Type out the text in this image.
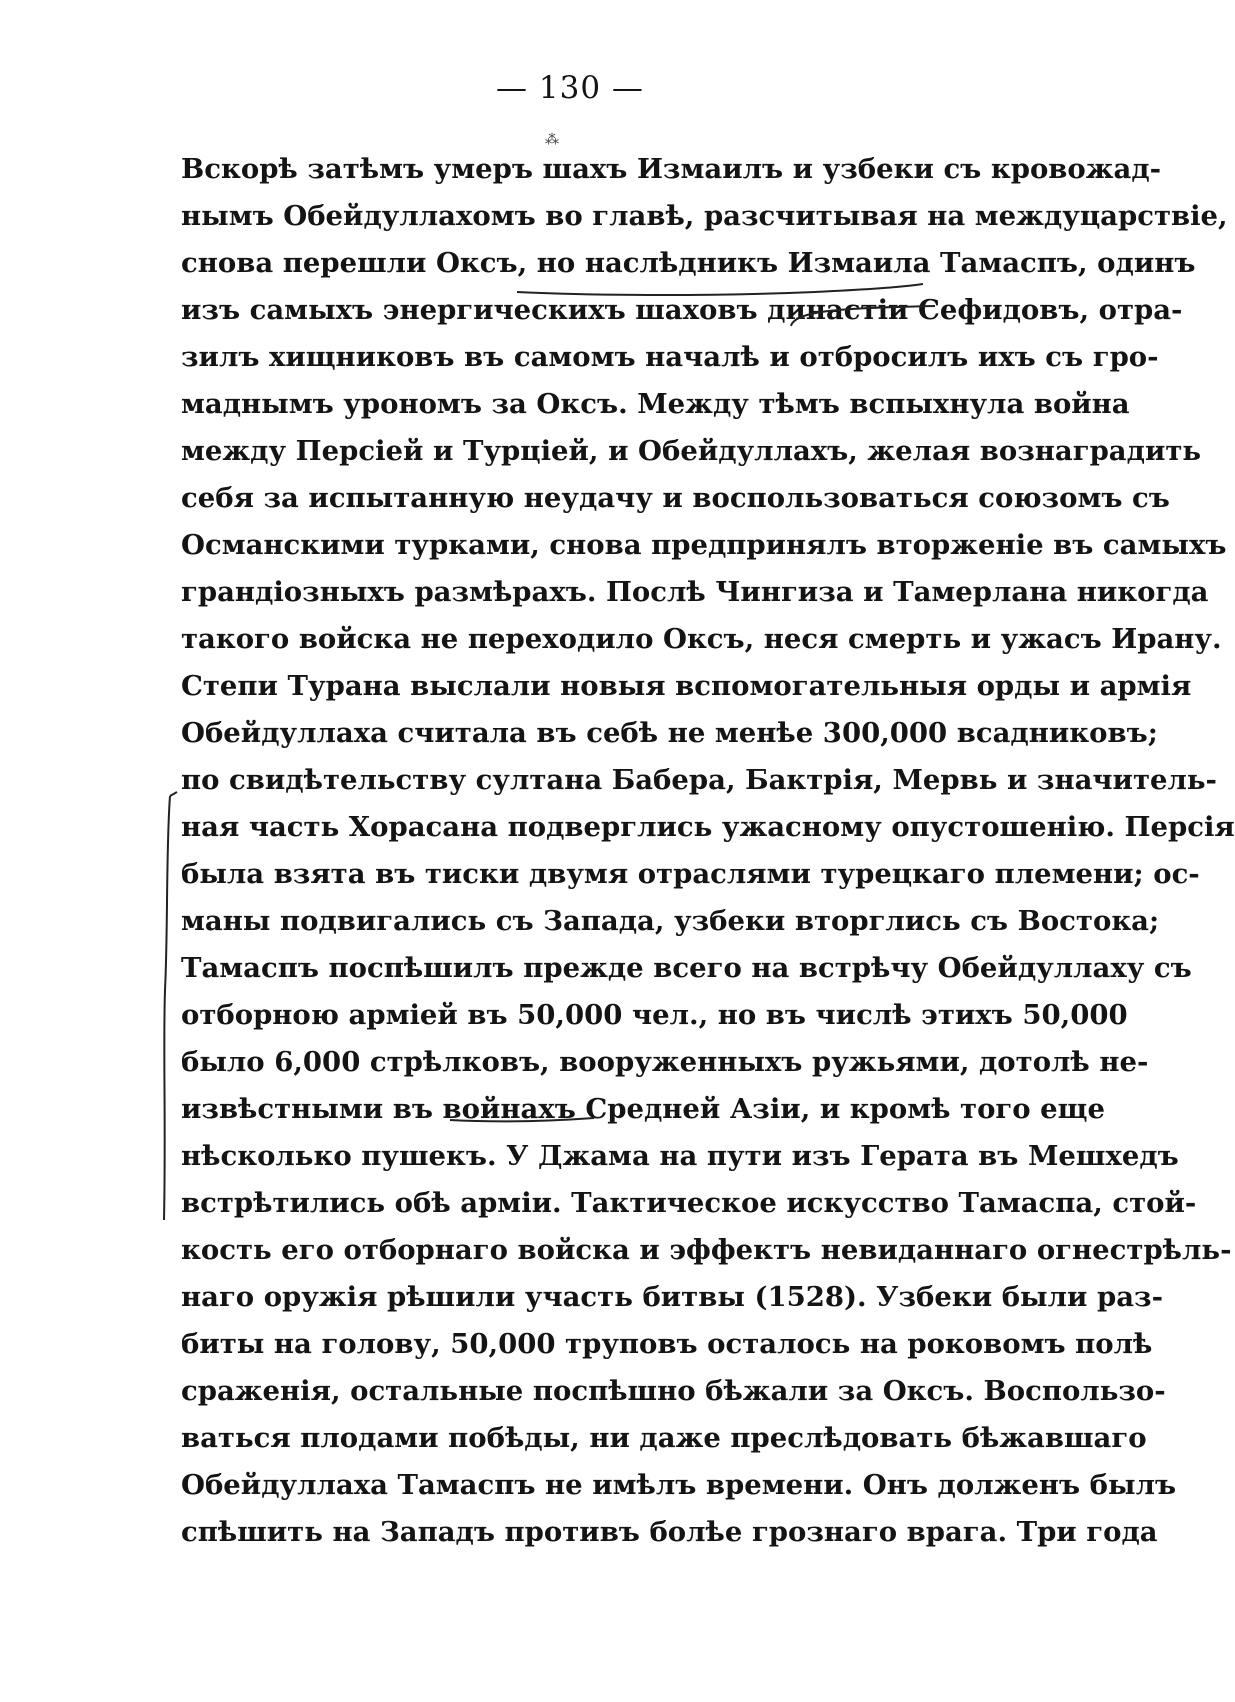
— 130 —
⁂
Вскорѣ затѣмъ умеръ шахъ Измаилъ и узбеки съ кровожад-
нымъ Обейдуллахомъ во главѣ, разсчитывая на междуцарствіе,
снова перешли Оксъ, но наслѣдникъ Измаила Тамаспъ, одинъ
изъ самыхъ энергическихъ шаховъ династіи Сефидовъ, отра-
зилъ хищниковъ въ самомъ началѣ и отбросилъ ихъ съ гро-
маднымъ урономъ за Оксъ. Между тѣмъ вспыхнула война
между Персіей и Турціей, и Обейдуллахъ, желая вознаградить
себя за испытанную неудачу и воспользоваться союзомъ съ
Османскими турками, снова предпринялъ вторженіе въ самыхъ
грандіозныхъ размѣрахъ. Послѣ Чингиза и Тамерлана никогда
такого войска не переходило Оксъ, неся смерть и ужасъ Ирану.
Степи Турана выслали новыя вспомогательныя орды и армія
Обейдуллаха считала въ себѣ не менѣе 300,000 всадниковъ;
по свидѣтельству султана Бабера, Бактрія, Мервь и значитель-
ная часть Хорасана подверглись ужасному опустошенію. Персія
была взята въ тиски двумя отраслями турецкаго племени; ос-
маны подвигались съ Запада, узбеки вторглись съ Востока;
Тамаспъ поспѣшилъ прежде всего на встрѣчу Обейдуллаху съ
отборною арміей въ 50,000 чел., но въ числѣ этихъ 50,000
было 6,000 стрѣлковъ, вооруженныхъ ружьями, дотолѣ не-
извѣстными въ войнахъ Средней Азіи, и кромѣ того еще
нѣсколько пушекъ. У Джама на пути изъ Герата въ Мешхедъ
встрѣтились обѣ арміи. Тактическое искусство Тамаспа, стой-
кость его отборнаго войска и эффектъ невиданнаго огнестрѣль-
наго оружія рѣшили участь битвы (1528). Узбеки были раз-
биты на голову, 50,000 труповъ осталось на роковомъ полѣ
сраженія, остальные поспѣшно бѣжали за Оксъ. Воспользо-
ваться плодами побѣды, ни даже преслѣдовать бѣжавшаго
Обейдуллаха Тамаспъ не имѣлъ времени. Онъ долженъ былъ
спѣшить на Западъ противъ болѣе грознаго врага. Три года
